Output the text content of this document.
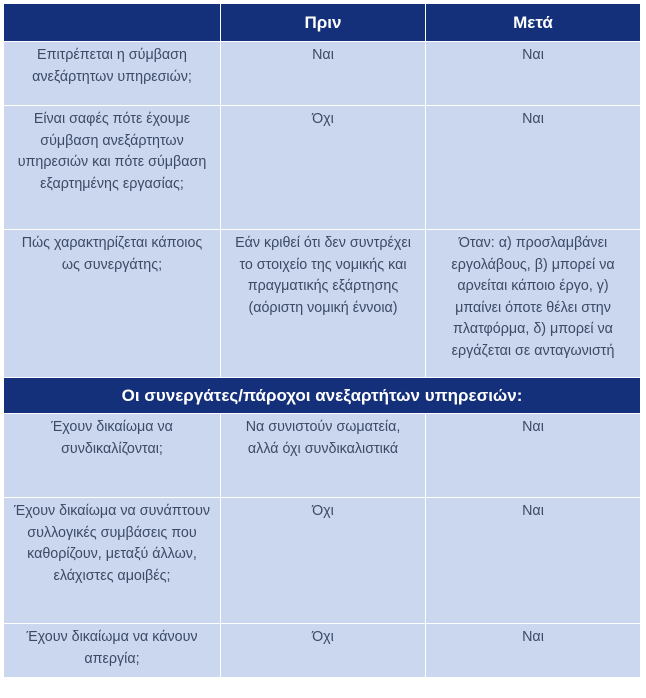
	Πριν	Μετά
Επιτρέπεται η σύμβαση ανεξάρτητων υπηρεσιών;	Ναι	Ναι
Είναι σαφές πότε έχουμε σύμβαση ανεξάρτητων υπηρεσιών και πότε σύμβαση εξαρτημένης εργασίας;	Όχι	Ναι
Πώς χαρακτηρίζεται κάποιος ως συνεργάτης;	Εάν κριθεί ότι δεν συντρέχει το στοιχείο της νομικής και πραγματικής εξάρτησης (αόριστη νομική έννοια)	Όταν: α) προσλαμβάνει εργολάβους, β) μπορεί να αρνείται κάποιο έργο, γ) μπαίνει όποτε θέλει στην πλατφόρμα, δ) μπορεί να εργάζεται σε ανταγωνιστή
Οι συνεργάτες/πάροχοι ανεξαρτήτων υπηρεσιών:		
Έχουν δικαίωμα να συνδικαλίζονται;	Να συνιστούν σωματεία, αλλά όχι συνδικαλιστικά	Ναι
Έχουν δικαίωμα να συνάπτουν συλλογικές συμβάσεις που καθορίζουν, μεταξύ άλλων, ελάχιστες αμοιβές;	Όχι	Ναι
Έχουν δικαίωμα να κάνουν απεργία;	Όχι	Ναι
